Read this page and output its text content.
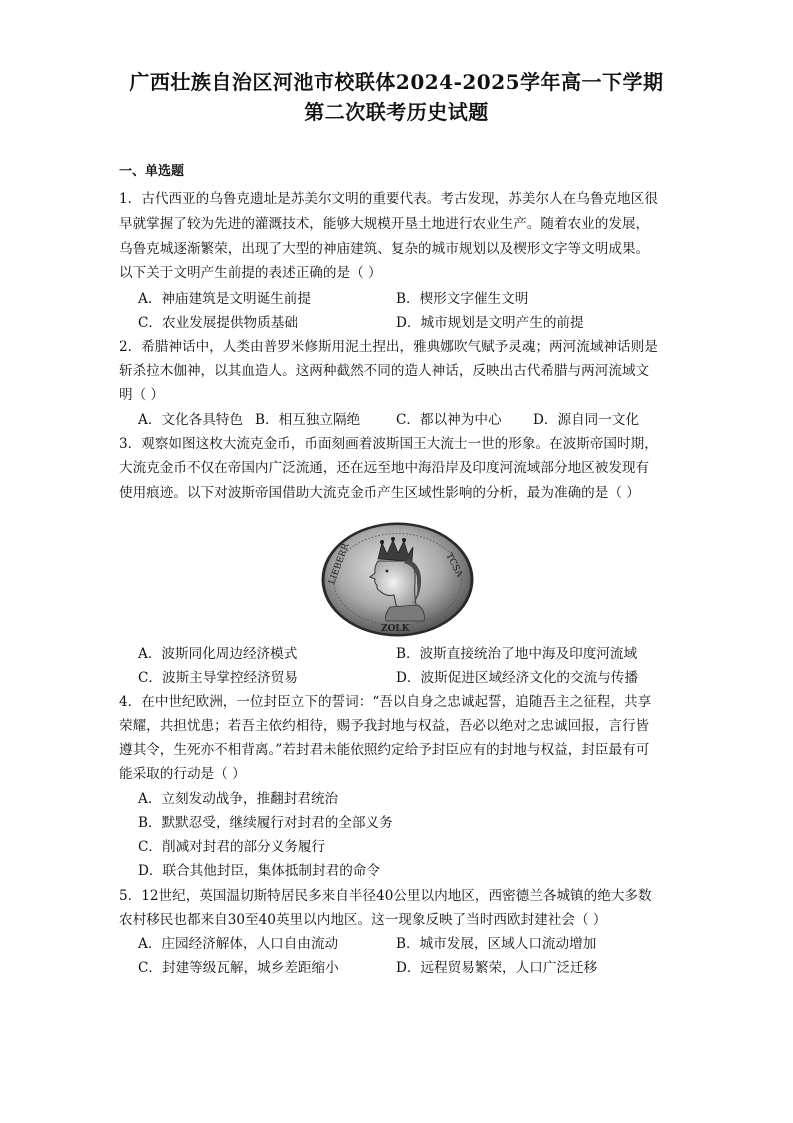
广西壮族自治区河池市校联体2024-2025学年高一下学期
第二次联考历史试题
一、单选题
1．古代西亚的乌鲁克遗址是苏美尔文明的重要代表。考古发现，苏美尔人在乌鲁克地区很
早就掌握了较为先进的灌溉技术，能够大规模开垦土地进行农业生产。随着农业的发展，
乌鲁克城逐渐繁荣，出现了大型的神庙建筑、复杂的城市规划以及楔形文字等文明成果。
以下关于文明产生前提的表述正确的是（ ）
A．神庙建筑是文明诞生前提	B．楔形文字催生文明
C．农业发展提供物质基础	D．城市规划是文明产生的前提
2．希腊神话中，人类由普罗米修斯用泥土捏出，雅典娜吹气赋予灵魂；两河流域神话则是
斩杀拉木伽神，以其血造人。这两种截然不同的造人神话，反映出古代希腊与两河流域文
明（ ）
A．文化各具特色 B．相互独立隔绝	C．都以神为中心 D．源自同一文化
3．观察如图这枚大流克金币，币面刻画着波斯国王大流士一世的形象。在波斯帝国时期，
大流克金币不仅在帝国内广泛流通，还在远至地中海沿岸及印度河流域部分地区被发现有
使用痕迹。以下对波斯帝国借助大流克金币产生区域性影响的分析，最为准确的是（ ）
LIEBERR	TCSA
ZOLK
A．波斯同化周边经济模式	B．波斯直接统治了地中海及印度河流域
C．波斯主导掌控经济贸易	D．波斯促进区域经济文化的交流与传播
4．在中世纪欧洲，一位封臣立下的誓词：“吾以自身之忠诚起誓，追随吾主之征程，共享
荣耀，共担忧患；若吾主依约相待，赐予我封地与权益，吾必以绝对之忠诚回报，言行皆
遵其令，生死亦不相背离。”若封君未能依照约定给予封臣应有的封地与权益，封臣最有可
能采取的行动是（ ）
A．立刻发动战争，推翻封君统治
B．默默忍受，继续履行对封君的全部义务
C．削减对封君的部分义务履行
D．联合其他封臣，集体抵制封君的命令
5．12世纪，英国温切斯特居民多来自半径40公里以内地区，西密德兰各城镇的绝大多数
农村移民也都来自30至40英里以内地区。这一现象反映了当时西欧封建社会（ ）
A．庄园经济解体，人口自由流动	B．城市发展，区域人口流动增加
C．封建等级瓦解，城乡差距缩小	D．远程贸易繁荣，人口广泛迁移
